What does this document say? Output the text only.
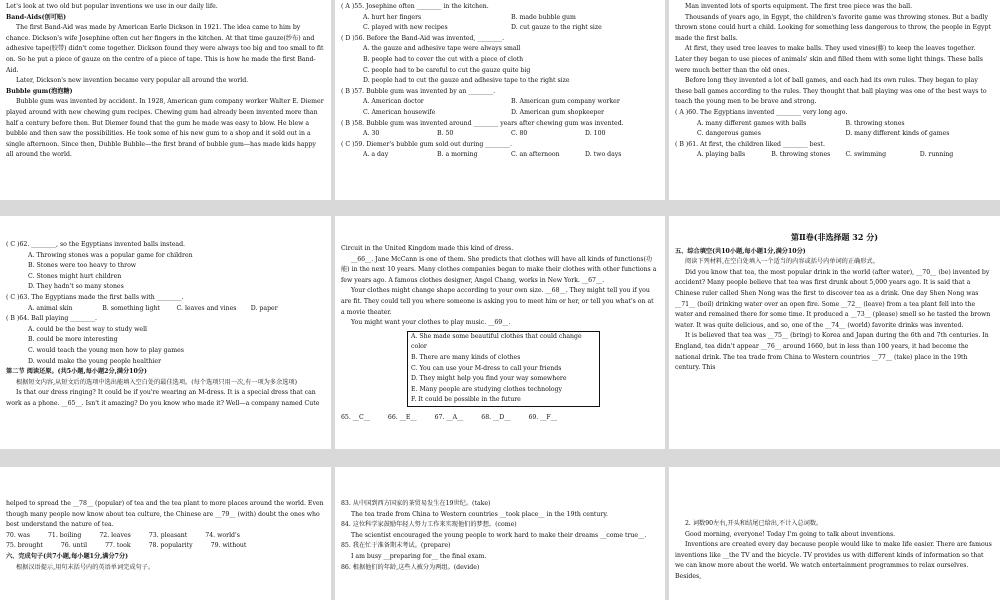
Let's look at two old but popular inventions we use in our daily life.

Band-Aids(创可贴)

The first Band-Aid was made by American Earle Dickson in 1921. The idea came to him by chance. Dickson's wife Josephine often cut her fingers in the kitchen. At that time gauze(纱布) and adhesive tape(胶带) didn't come together. Dickson found they were always too big and too small to fit on. So he put a piece of gauze on the centre of a piece of tape. This is how he made the first Band-Aid.

Later, Dickson's new invention became very popular all around the world.

Bubble gum(泡泡糖)

Bubble gum was invented by accident. In 1928, American gum company worker Walter E. Diemer played around with new chewing gum recipes. Chewing gum had already been invented more than half a century before then. But Diemer found that the gum he made was easy to blow. He blew a bubble and then saw the possibilities. He took some of his new gum to a shop and it sold out in a single afternoon. Since then, Dubble Bubble—the first brand of bubble gum—has made kids happy all around the world.

( A )55. Josephine often ________ in the kitchen.

A. hurt her fingers	B. made bubble gum
C. played with new recipes	D. cut gauze to the right size

( D )56. Before the Band-Aid was invented, ________.

A. the gauze and adhesive tape were always small
B. people had to cover the cut with a piece of cloth
C. people had to be careful to cut the gauze quite big
D. people had to cut the gauze and adhesive tape to the right size

( B )57. Bubble gum was invented by an ________.

A. American doctor	B. American gum company worker
C. American housewife	D. American gum shopkeeper

( B )58. Bubble gum was invented around ________ years after chewing gum was invented.

A. 30	B. 50	C. 80	D. 100

( C )59. Diemer's bubble gum sold out during ________.

A. a day	B. a morning	C. an afternoon	D. two days

Man invented lots of sports equipment. The first tree piece was the ball.

Thousands of years ago, in Egypt, the children's favorite game was throwing stones. But a badly thrown stone could hurt a child. Looking for something less dangerous to throw, the people in Egypt made the first balls.

At first, they used tree leaves to make balls. They used vines(藤) to keep the leaves together. Later they began to use pieces of animals' skin and filled them with some light things. These balls were much better than the old ones.

Before long they invented a lot of ball games, and each had its own rules. They began to play these ball games according to the rules. They thought that ball playing was one of the best ways to teach the young men to be brave and strong.

( A )60. The Egyptians invented ________ very long ago.

A. many different games with balls	B. throwing stones
C. dangerous games	D. many different kinds of games

( B )61. At first, the children liked ________ best.

A. playing balls	B. throwing stones	C. swimming	D. running

( C )62. ________, so the Egyptians invented balls instead.

A. Throwing stones was a popular game for children
B. Stones were too heavy to throw
C. Stones might hurt children
D. They hadn't so many stones

( C )63. The Egyptians made the first balls with ________.

A. animal skin	B. something light	C. leaves and vines	D. paper

( B )64. Ball playing ________.

A. could be the best way to study well
B. could be more interesting
C. would teach the young men how to play games
D. would make the young people healthier

第二节 阅读还原。(共5小题,每小题2分,满分10分)

根据短文内容,从短文后的选项中选出能填入空白处的最佳选项。(每个选项只用一次,有一项为多余选项)

Is that our dress ringing? It could be if you're wearing an M-dress. It is a special dress that can work as a phone. __65__. Isn't it amazing? Do you know who made it? Well—a company named Cute

Circuit in the United Kingdom made this kind of dress.

__66__. Jane McCann is one of them. She predicts that clothes will have all kinds of functions(功能) in the next 10 years. Many clothes companies began to make their clothes with other functions a few years ago. A famous clothes designer, Angel Chang, works in New York. __67__.

Your clothes might change shape according to your own size. __68__. They might tell you if you are fit. They could tell you where someone is asking you to meet him or her, or tell you what's on at a movie theater.

You might want your clothes to play music. __69__.

A. She made some beautiful clothes that could change color
B. There are many kinds of clothes
C. You can use your M-dress to call your friends
D. They might help you find your way somewhere
E. Many people are studying clothes technology
F. It could be possible in the future
65. __C__	66. __E__	67. __A__	68. __D__	69. __F__
第Ⅱ卷(非选择题 32 分)

五、综合填空(共10小题,每小题1分,满分10分)

阅读下列材料,在空白处填入一个适当的内容或括号内单词的正确形式。

Did you know that tea, the most popular drink in the world (after water), __70__ (be) invented by accident? Many people believe that tea was first drunk about 5,000 years ago. It is said that a Chinese ruler called Shen Nong was the first to discover tea as a drink. One day Shen Nong was __71__ (boil) drinking water over an open fire. Some __72__ (leave) from a tea plant fell into the water and remained there for some time. It produced a __73__ (please) smell so he tasted the brown water. It was quite delicious, and so, one of the __74__ (world) favorite drinks was invented.

It is believed that tea was __75__ (bring) to Korea and Japan during the 6th and 7th centuries. In England, tea didn't appear __76__ around 1660, but in less than 100 years, it had become the national drink. The tea trade from China to Western countries __77__ (take) place in the 19th century. This

helped to spread the __78__ (popular) of tea and the tea plant to more places around the world. Even though many people now know about tea culture, the Chinese are __79__ (with) doubt the ones who best understand the nature of tea.

70. was	71. boiling	72. leaves	73. pleasant	74. world's
75. brought	76. until	77. took	78. popularity	79. without

六、完成句子(共7小题,每小题1分,满分7分)

根据汉语提示,用句末括号内的英语单词完成句子。

83. 从中国到西方国家的茶贸易发生在19世纪。(take)

The tea trade from China to Western countries __took place__ in the 19th century.

84. 这位科学家鼓励年轻人努力工作来实现他们的梦想。(come)

The scientist encouraged the young people to work hard to make their dreams __come true__.

85. 我在忙于准备期末考试。(prepare)

I am busy __preparing for__ the final exam.

86. 根据他们的年龄,这些人被分为两组。(devide)

2. 词数90左右,开头和结尾已给出,不计入总词数。

Good morning, everyone! Today I'm going to talk about inventions.

Inventions are created every day because people would like to make life easier. There are famous inventions like __the TV and the bicycle. TV provides us with different kinds of information so that we can know more about the world. We watch entertainment programmes to relax ourselves. Besides,
